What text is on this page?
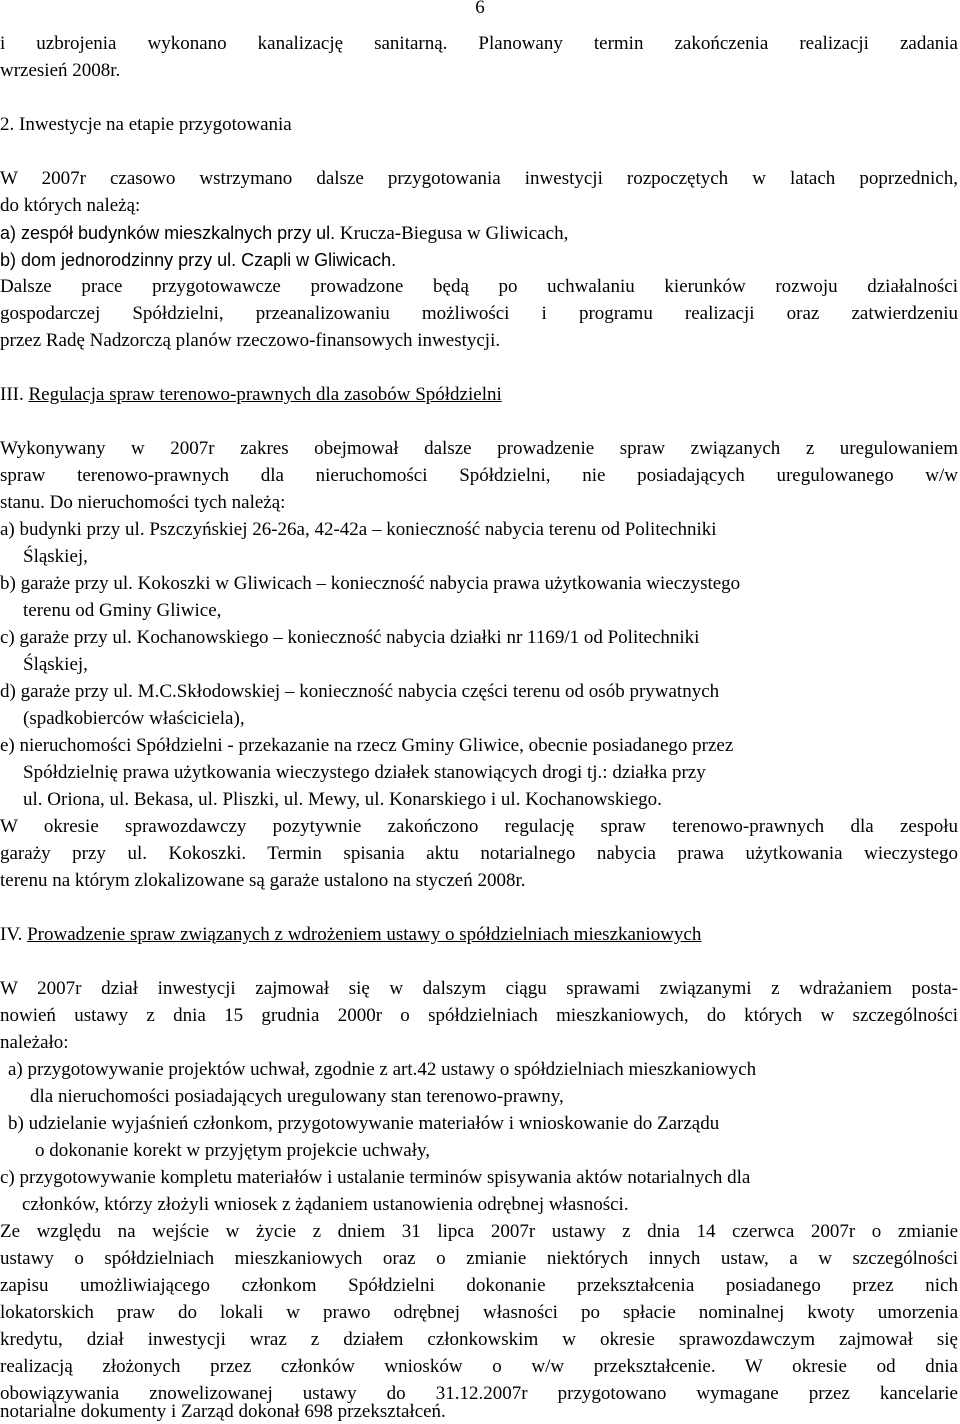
6
i uzbrojenia wykonano kanalizację sanitarną. Planowany termin zakończenia realizacji zadania
wrzesień 2008r.
2. Inwestycje na etapie przygotowania
W 2007r czasowo wstrzymano dalsze przygotowania inwestycji rozpoczętych w latach poprzednich,
do których należą:
a) zespół budynków mieszkalnych przy ul. Krucza-Biegusa w Gliwicach,
b) dom jednorodzinny przy ul. Czapli w Gliwicach.
Dalsze prace przygotowawcze prowadzone będą po uchwalaniu kierunków rozwoju działalności
gospodarczej Spółdzielni, przeanalizowaniu możliwości i programu realizacji oraz zatwierdzeniu
przez Radę Nadzorczą planów rzeczowo-finansowych inwestycji.
III. Regulacja spraw terenowo-prawnych dla zasobów Spółdzielni
Wykonywany w 2007r zakres obejmował dalsze prowadzenie spraw związanych z uregulowaniem
spraw terenowo-prawnych dla nieruchomości Spółdzielni, nie posiadających uregulowanego w/w
stanu. Do nieruchomości tych należą:
a) budynki przy ul. Pszczyńskiej 26-26a, 42-42a – konieczność nabycia terenu od Politechniki
Śląskiej,
b) garaże przy ul. Kokoszki w Gliwicach – konieczność nabycia prawa użytkowania wieczystego
terenu od Gminy Gliwice,
c) garaże przy ul. Kochanowskiego – konieczność nabycia działki nr 1169/1 od Politechniki
Śląskiej,
d) garaże przy ul. M.C.Skłodowskiej – konieczność nabycia części terenu od osób prywatnych
(spadkobierców właściciela),
e) nieruchomości Spółdzielni - przekazanie na rzecz Gminy Gliwice, obecnie posiadanego przez
Spółdzielnię prawa użytkowania wieczystego działek stanowiących drogi tj.: działka przy
ul. Oriona, ul. Bekasa, ul. Pliszki, ul. Mewy, ul. Konarskiego i ul. Kochanowskiego.
W okresie sprawozdawczy pozytywnie zakończono regulację spraw terenowo-prawnych dla zespołu
garaży przy ul. Kokoszki. Termin spisania aktu notarialnego nabycia prawa użytkowania wieczystego
terenu na którym zlokalizowane są garaże ustalono na styczeń 2008r.
IV. Prowadzenie spraw związanych z wdrożeniem ustawy o spółdzielniach mieszkaniowych
W 2007r dział inwestycji zajmował się w dalszym ciągu sprawami związanymi z wdrażaniem posta-
nowień ustawy z dnia 15 grudnia 2000r o spółdzielniach mieszkaniowych, do których w szczególności
należało:
a) przygotowywanie projektów uchwał, zgodnie z art.42 ustawy o spółdzielniach mieszkaniowych
dla nieruchomości posiadających uregulowany stan terenowo-prawny,
b) udzielanie wyjaśnień członkom, przygotowywanie materiałów i wnioskowanie do Zarządu
o dokonanie korekt w przyjętym projekcie uchwały,
c) przygotowywanie kompletu materiałów i ustalanie terminów spisywania aktów notarialnych dla
członków, którzy złożyli wniosek z żądaniem ustanowienia odrębnej własności.
Ze względu na wejście w życie z dniem 31 lipca 2007r ustawy z dnia 14 czerwca 2007r o zmianie
ustawy o spółdzielniach mieszkaniowych oraz o zmianie niektórych innych ustaw, a w szczególności
zapisu umożliwiającego członkom Spółdzielni dokonanie przekształcenia posiadanego przez nich
lokatorskich praw do lokali w prawo odrębnej własności po spłacie nominalnej kwoty umorzenia
kredytu, dział inwestycji wraz z działem członkowskim w okresie sprawozdawczym zajmował się
realizacją złożonych przez członków wniosków o w/w przekształcenie. W okresie od dnia
obowiązywania znowelizowanej ustawy do 31.12.2007r przygotowano wymagane przez kancelarie
notarialne dokumenty i Zarząd dokonał 698 przekształceń.
